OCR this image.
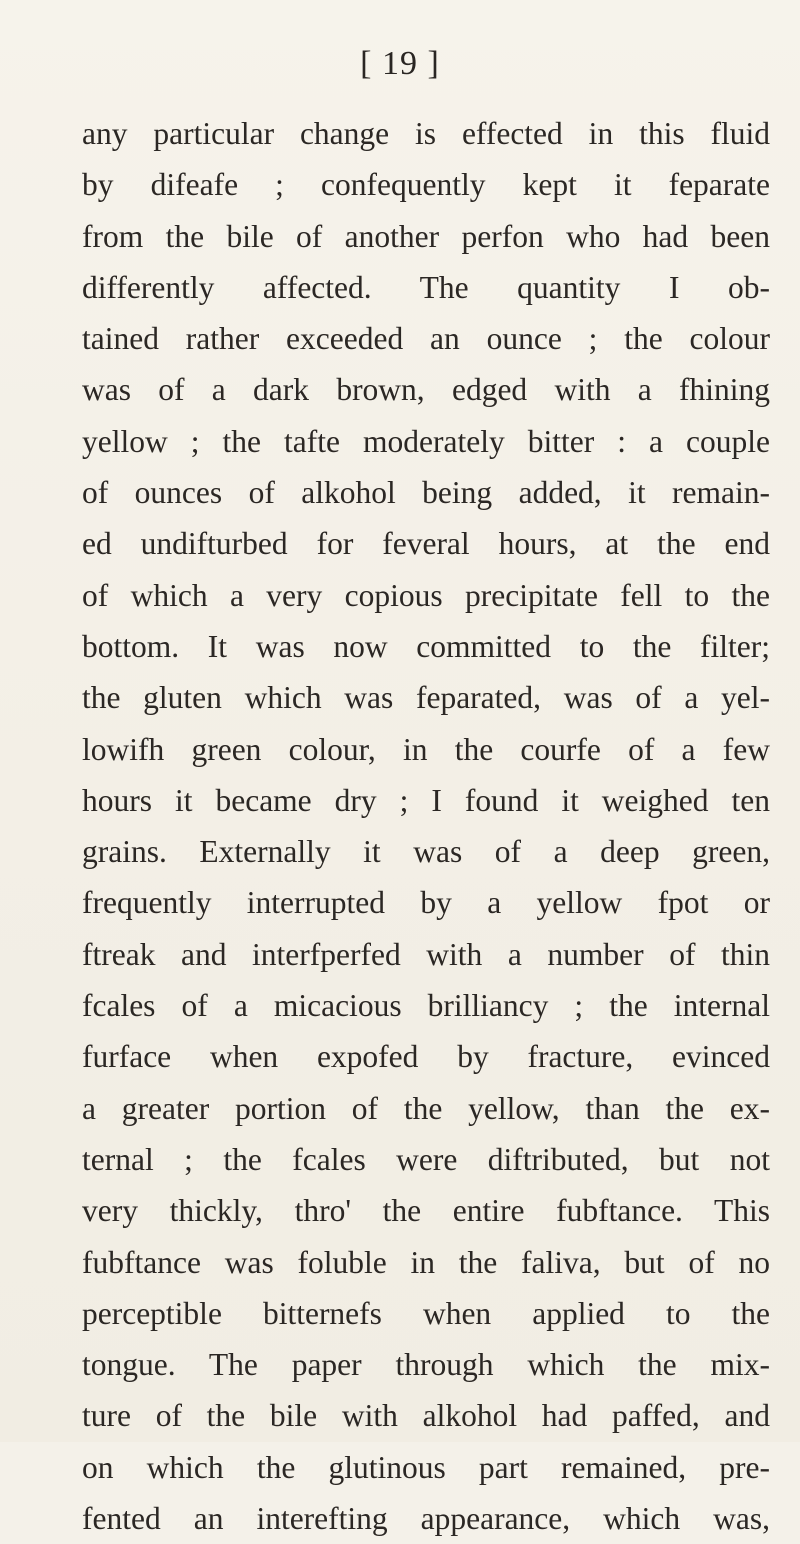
[ 19 ]
any particular change is effected in this fluid
by difeafe ; confequently kept it feparate
from the bile of another perfon who had been
differently affected. The quantity I ob-
tained rather exceeded an ounce ; the colour
was of a dark brown, edged with a fhining
yellow ; the tafte moderately bitter : a couple
of ounces of alkohol being added, it remain-
ed undifturbed for feveral hours, at the end
of which a very copious precipitate fell to the
bottom. It was now committed to the filter;
the gluten which was feparated, was of a yel-
lowifh green colour, in the courfe of a few
hours it became dry ; I found it weighed ten
grains. Externally it was of a deep green,
frequently interrupted by a yellow fpot or
ftreak and interfperfed with a number of thin
fcales of a micacious brilliancy ; the internal
furface when expofed by fracture, evinced
a greater portion of the yellow, than the ex-
ternal ; the fcales were diftributed, but not
very thickly, thro' the entire fubftance. This
fubftance was foluble in the faliva, but of no
perceptible bitternefs when applied to the
tongue. The paper through which the mix-
ture of the bile with alkohol had paffed, and
on which the glutinous part remained, pre-
fented an interefting appearance, which was,
